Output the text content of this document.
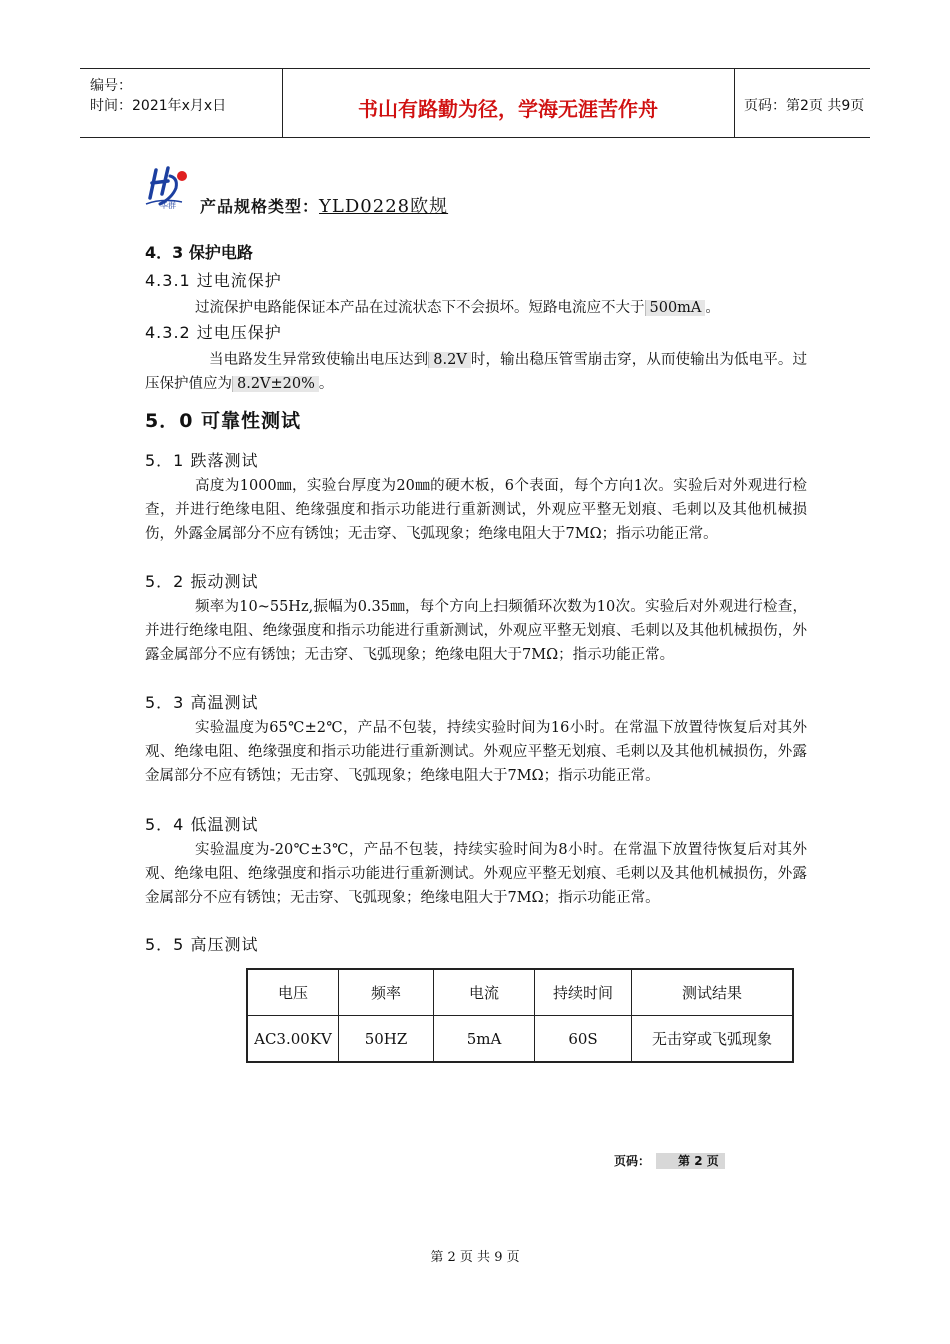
编号：
时间：2021年x月x日	书山有路勤为径，学海无涯苦作舟	页码：第2页 共9页
华群 产品规格类型：YLD0228欧规
4．3 保护电路
4.3.1 过电流保护
过流保护电路能保证本产品在过流状态下不会损坏。短路电流应不大于 500mA 。
4.3.2 过电压保护
当电路发生异常致使输出电压达到 8.2V 时，输出稳压管雪崩击穿，从而使输出为低电平。过压保护值应为 8.2V±20% 。
5．0 可靠性测试
5．1 跌落测试
高度为1000㎜，实验台厚度为20㎜的硬木板，6个表面，每个方向1次。实验后对外观进行检查，并进行绝缘电阻、绝缘强度和指示功能进行重新测试，外观应平整无划痕、毛刺以及其他机械损伤，外露金属部分不应有锈蚀；无击穿、飞弧现象；绝缘电阻大于7MΩ；指示功能正常。
5．2 振动测试
频率为10~55Hz,振幅为0.35㎜，每个方向上扫频循环次数为10次。实验后对外观进行检查，并进行绝缘电阻、绝缘强度和指示功能进行重新测试，外观应平整无划痕、毛刺以及其他机械损伤，外露金属部分不应有锈蚀；无击穿、飞弧现象；绝缘电阻大于7MΩ；指示功能正常。
5．3 高温测试
实验温度为65℃±2℃，产品不包装，持续实验时间为16小时。在常温下放置待恢复后对其外观、绝缘电阻、绝缘强度和指示功能进行重新测试。外观应平整无划痕、毛刺以及其他机械损伤，外露金属部分不应有锈蚀；无击穿、飞弧现象；绝缘电阻大于7MΩ；指示功能正常。
5．4 低温测试
实验温度为-20℃±3℃，产品不包装，持续实验时间为8小时。在常温下放置待恢复后对其外观、绝缘电阻、绝缘强度和指示功能进行重新测试。外观应平整无划痕、毛刺以及其他机械损伤，外露金属部分不应有锈蚀；无击穿、飞弧现象；绝缘电阻大于7MΩ；指示功能正常。
5．5 高压测试
电压	频率	电流	持续时间	测试结果
AC3.00KV	50HZ	5mA	60S	无击穿或飞弧现象
页码： 第 2 页
第 2 页 共 9 页
